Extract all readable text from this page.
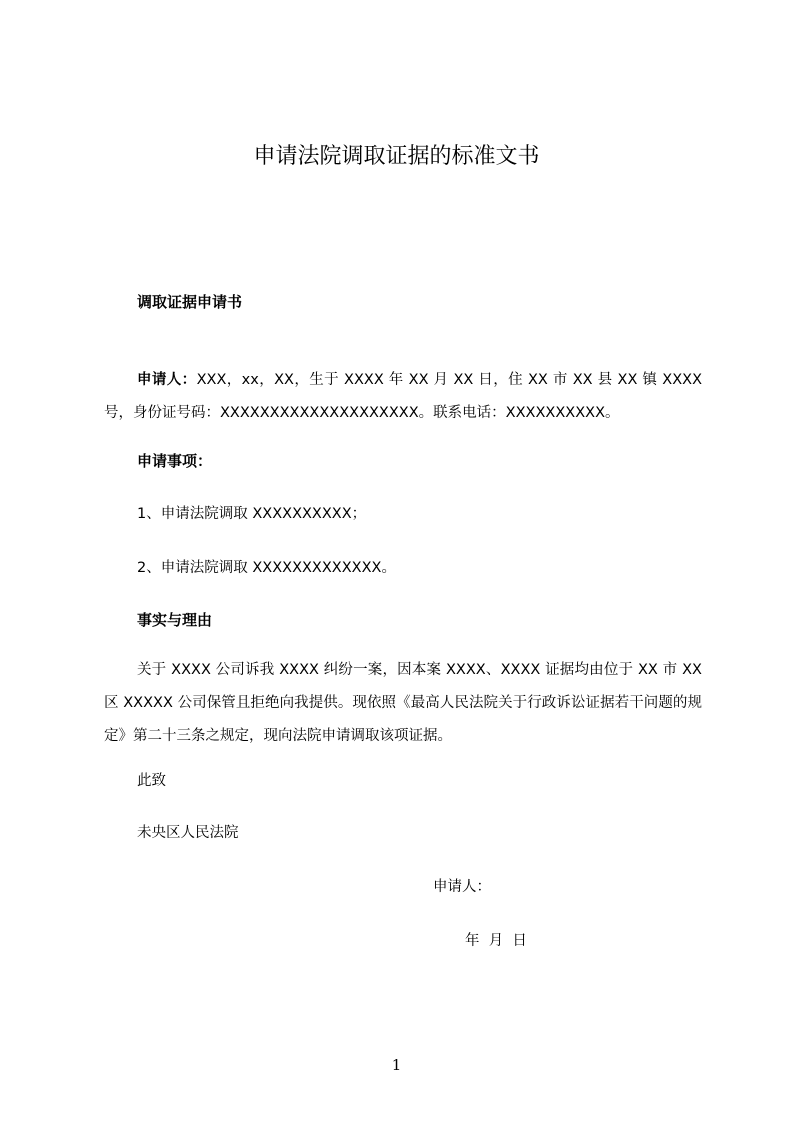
申请法院调取证据的标准文书
调取证据申请书

申请人：XXX，xx，XX，生于 XXXX 年 XX 月 XX 日，住 XX 市 XX 县 XX 镇 XXXX 号，身份证号码：XXXXXXXXXXXXXXXXXXXX。联系电话：XXXXXXXXXX。

申请事项：
1、申请法院调取 XXXXXXXXXX；
2、申请法院调取 XXXXXXXXXXXXX。
事实与理由

关于 XXXX 公司诉我 XXXX 纠纷一案，因本案 XXXX、XXXX 证据均由位于 XX 市 XX 区 XXXXX 公司保管且拒绝向我提供。现依照《最高人民法院关于行政诉讼证据若干问题的规定》第二十三条之规定，现向法院申请调取该项证据。

此致
未央区人民法院
申请人：
年  月  日
1
